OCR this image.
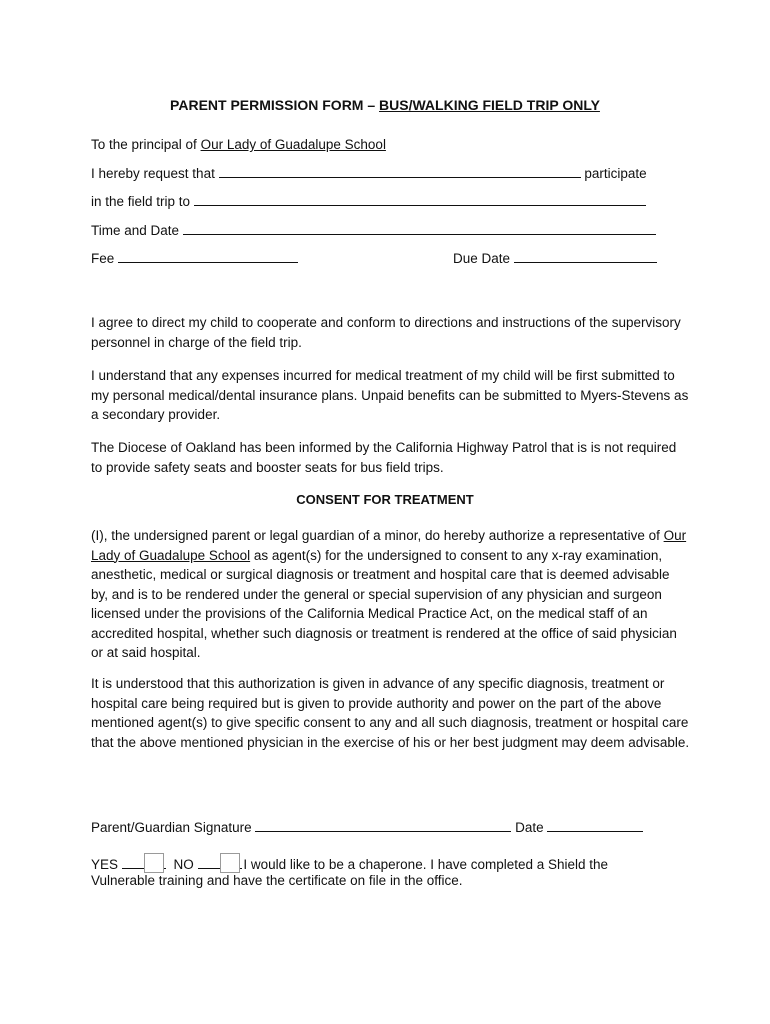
PARENT PERMISSION FORM – BUS/WALKING FIELD TRIP ONLY
To the principal of Our Lady of Guadalupe School
I hereby request that	participate
in the field trip to
Time and Date
Fee	Due Date
I agree to direct my child to cooperate and conform to directions and instructions of the supervisory personnel in charge of the field trip.
I understand that any expenses incurred for medical treatment of my child will be first submitted to my personal medical/dental insurance plans. Unpaid benefits can be submitted to Myers-Stevens as a secondary provider.
The Diocese of Oakland has been informed by the California Highway Patrol that is is not required to provide safety seats and booster seats for bus field trips.
CONSENT FOR TREATMENT
(I), the undersigned parent or legal guardian of a minor, do hereby authorize a representative of Our Lady of Guadalupe School as agent(s) for the undersigned to consent to any x-ray examination, anesthetic, medical or surgical diagnosis or treatment and hospital care that is deemed advisable by, and is to be rendered under the general or special supervision of any physician and surgeon licensed under the provisions of the California Medical Practice Act, on the medical staff of an accredited hospital, whether such diagnosis or treatment is rendered at the office of said physician or at said hospital.
It is understood that this authorization is given in advance of any specific diagnosis, treatment or hospital care being required but is given to provide authority and power on the part of the above mentioned agent(s) to give specific consent to any and all such diagnosis, treatment or hospital care that the above mentioned physician in the exercise of his or her best judgment may deem advisable.
Parent/Guardian Signature	Date
YES	NO	I would like to be a chaperone. I have completed a Shield the
Vulnerable training and have the certificate on file in the office.
